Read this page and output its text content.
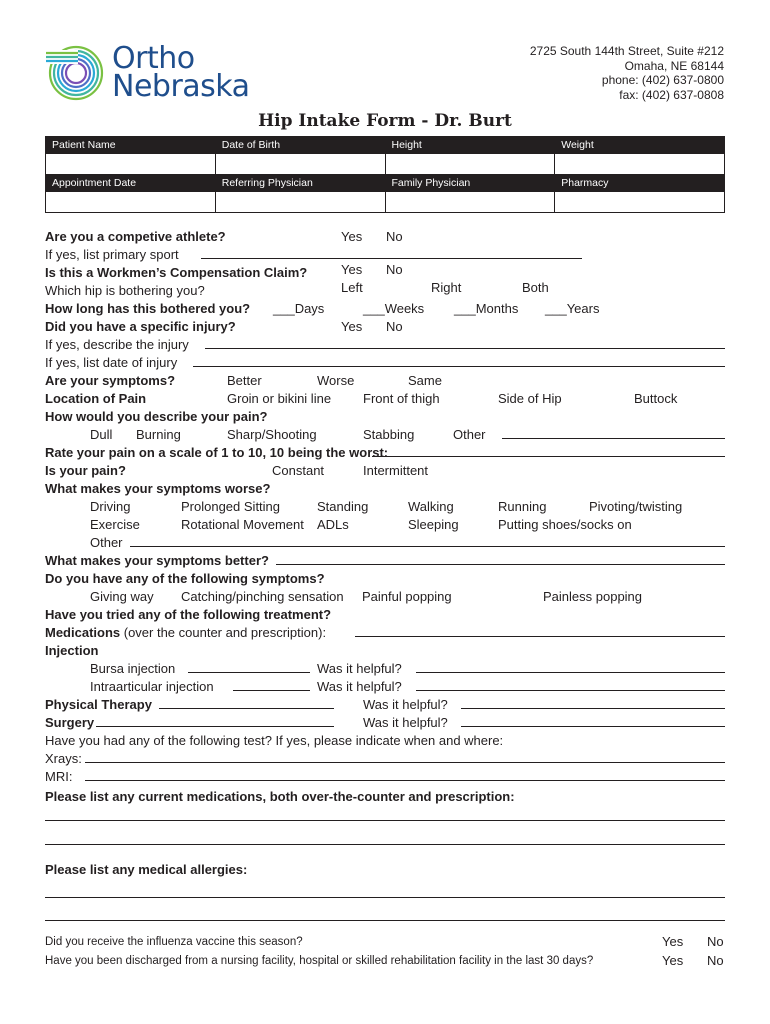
Ortho
Nebraska
2725 South 144th Street, Suite #212
Omaha, NE 68144
phone: (402) 637-0800
fax: (402) 637-0808
Hip Intake Form - Dr. Burt
Patient Name	Date of Birth	Height	Weight

Appointment Date	Referring Physician	Family Physician	Pharmacy

Are you a competive athlete?	Yes No
If yes, list primary sport
Is this a Workmen’s Compensation Claim?	Yes No
Which hip is bothering you?	Left	Right	Both
How long has this bothered you? ___Days	___Weeks ___Months ___Years
Did you have a specific injury?	Yes No
If yes, describe the injury
If yes, list date of injury
Are your symptoms?	Better	Worse	Same
Location of Pain	Groin or bikini line Front of thigh	Side of Hip	Buttock
How would you describe your pain?
Dull Burning	Sharp/Shooting	Stabbing	Other
Rate your pain on a scale of 1 to 10, 10 being the worst:
Is your pain?	Constant	Intermittent
What makes your symptoms worse?
Driving	Prolonged Sitting	Standing	Walking	Running	Pivoting/twisting
Exercise	Rotational Movement ADLs	Sleeping	Putting shoes/socks on
Other
What makes your symptoms better?
Do you have any of the following symptoms?
Giving way Catching/pinching sensation Painful popping	Painless popping
Have you tried any of the following treatment?
Medications (over the counter and prescription):
Injection
Bursa injection	Was it helpful?
Intraarticular injection	Was it helpful?
Physical Therapy	Was it helpful?
Surgery	Was it helpful?
Have you had any of the following test? If yes, please indicate when and where:
Xrays:
MRI:
Please list any current medications, both over-the-counter and prescription:
Please list any medical allergies:
Did you receive the influenza vaccine this season?	Yes No
Have you been discharged from a nursing facility, hospital or skilled rehabilitation facility in the last 30 days?	Yes No
